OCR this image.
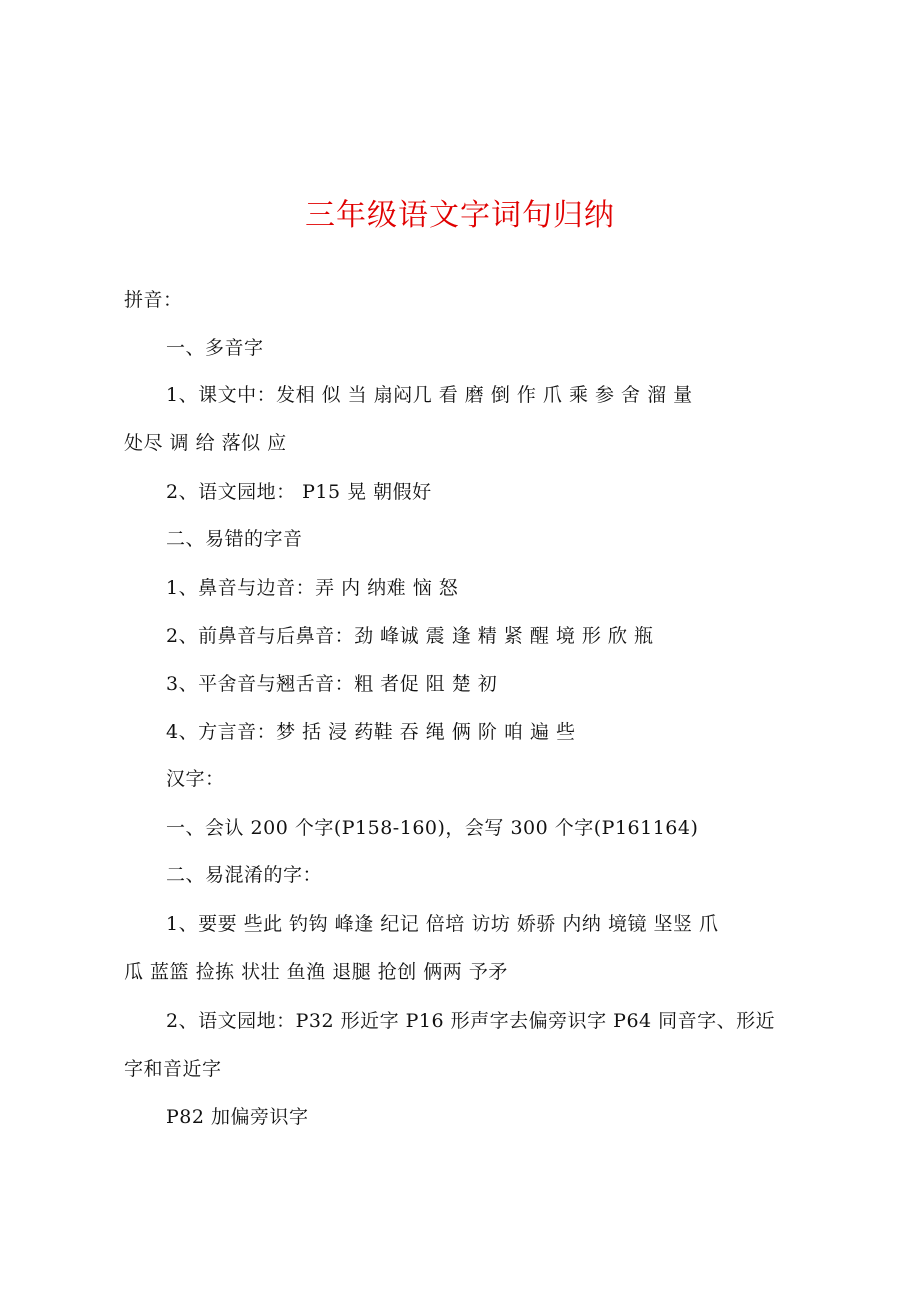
三年级语文字词句归纳
拼音：
一、多音字
1、课文中：发相 似 当 扇闷几 看 磨 倒 作 爪 乘 参 舍 溜 量
处尽 调 给 落似 应
2、语文园地： P15 晃 朝假好
二、易错的字音
1、鼻音与边音：弄 内 纳难 恼 怒
2、前鼻音与后鼻音：劲 峰诚 震 逢 精 紧 醒 境 形 欣 瓶
3、平舍音与翘舌音：粗 者促 阻 楚 初
4、方言音：梦 括 浸 药鞋 吞 绳 俩 阶 咱 遍 些
汉字：
一、会认 200 个字(P158-160)，会写 300 个字(P161164)
二、易混淆的字：
1、要要 些此 钓钩 峰逢 纪记 倍培 访坊 娇骄 内纳 境镜 坚竖 爪
瓜 蓝篮 捡拣 状壮 鱼渔 退腿 抢创 俩两 予矛
2、语文园地：P32 形近字 P16 形声字去偏旁识字 P64 同音字、形近
字和音近字
P82 加偏旁识字
